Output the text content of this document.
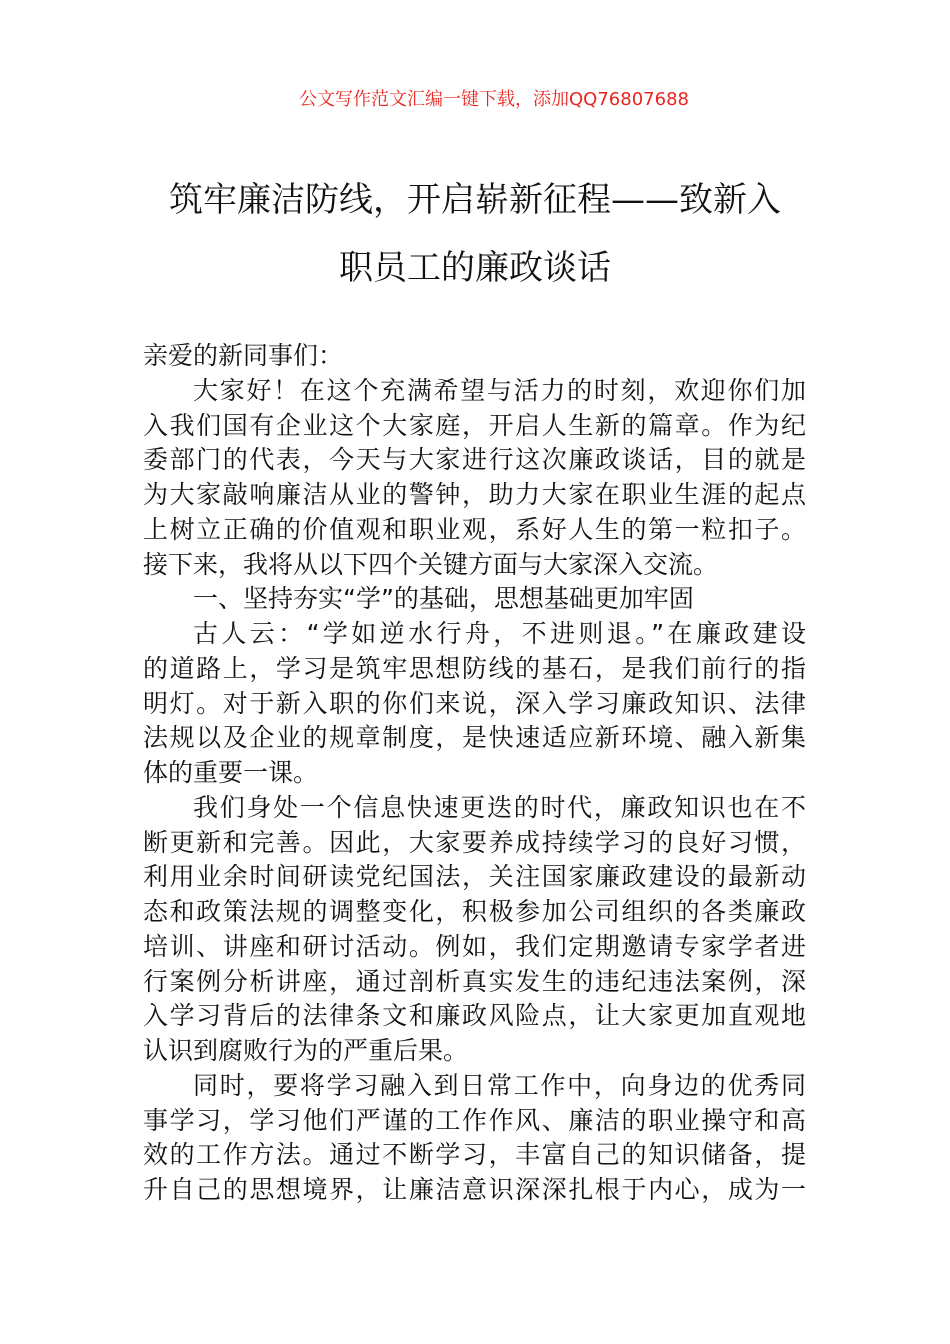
公文写作范文汇编一键下载，添加QQ76807688
筑牢廉洁防线，开启崭新征程——致新入
职员工的廉政谈话
亲爱的新同事们：
大家好！在这个充满希望与活力的时刻，欢迎你们加
入我们国有企业这个大家庭，开启人生新的篇章。作为纪
委部门的代表，今天与大家进行这次廉政谈话，目的就是
为大家敲响廉洁从业的警钟，助力大家在职业生涯的起点
上树立正确的价值观和职业观，系好人生的第一粒扣子。
接下来，我将从以下四个关键方面与大家深入交流。
一、坚持夯实“学”的基础，思想基础更加牢固
古人云：“学如逆水行舟，不进则退。”在廉政建设
的道路上，学习是筑牢思想防线的基石，是我们前行的指
明灯。对于新入职的你们来说，深入学习廉政知识、法律
法规以及企业的规章制度，是快速适应新环境、融入新集
体的重要一课。
我们身处一个信息快速更迭的时代，廉政知识也在不
断更新和完善。因此，大家要养成持续学习的良好习惯，
利用业余时间研读党纪国法，关注国家廉政建设的最新动
态和政策法规的调整变化，积极参加公司组织的各类廉政
培训、讲座和研讨活动。例如，我们定期邀请专家学者进
行案例分析讲座，通过剖析真实发生的违纪违法案例，深
入学习背后的法律条文和廉政风险点，让大家更加直观地
认识到腐败行为的严重后果。
同时，要将学习融入到日常工作中，向身边的优秀同
事学习，学习他们严谨的工作作风、廉洁的职业操守和高
效的工作方法。通过不断学习，丰富自己的知识储备，提
升自己的思想境界，让廉洁意识深深扎根于内心，成为一
